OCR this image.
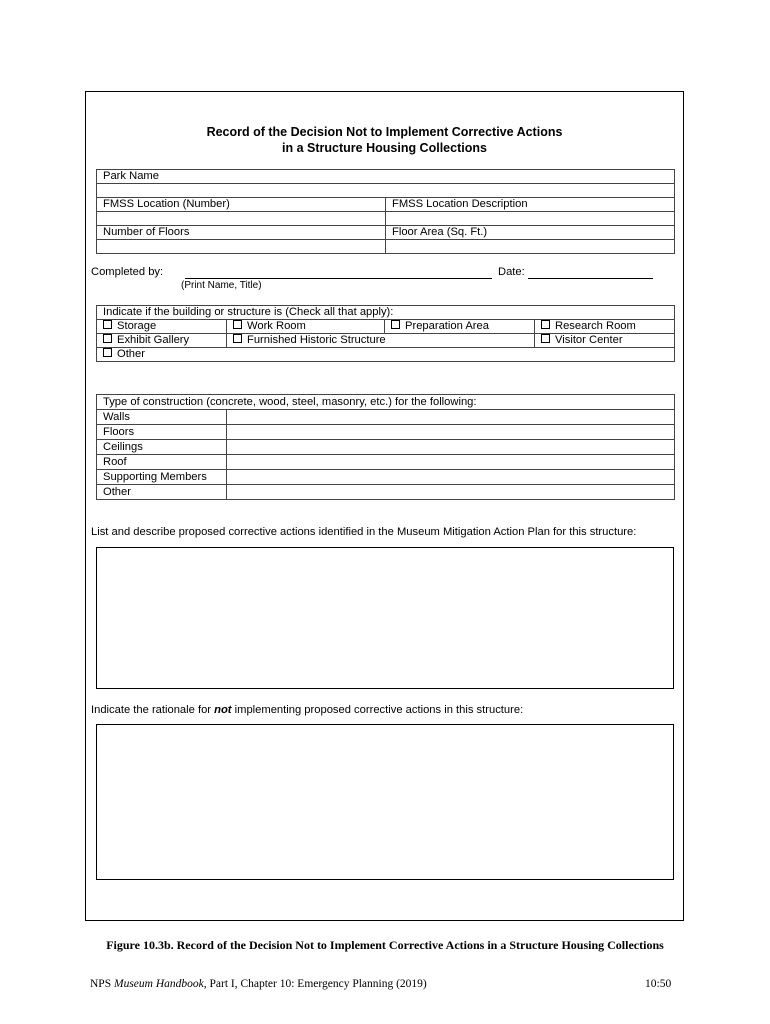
Record of the Decision Not to Implement Corrective Actions
in a Structure Housing Collections
Park Name	

FMSS Location (Number)	FMSS Location Description

Number of Floors	Floor Area (Sq. Ft.)

Completed by:	Date:
(Print Name, Title)
Indicate if the building or structure is (Check all that apply):			
Storage	Work Room	Preparation Area	Research Room
Exhibit Gallery	Furnished Historic Structure		Visitor Center
Other			
Type of construction (concrete, wood, steel, masonry, etc.) for the following:	
Walls	
Floors	
Ceilings	
Roof	
Supporting Members	
Other	
List and describe proposed corrective actions identified in the Museum Mitigation Action Plan for this structure:
Indicate the rationale for not implementing proposed corrective actions in this structure:
Figure 10.3b. Record of the Decision Not to Implement Corrective Actions in a Structure Housing Collections
NPS Museum Handbook, Part I, Chapter 10: Emergency Planning (2019)	10:50
